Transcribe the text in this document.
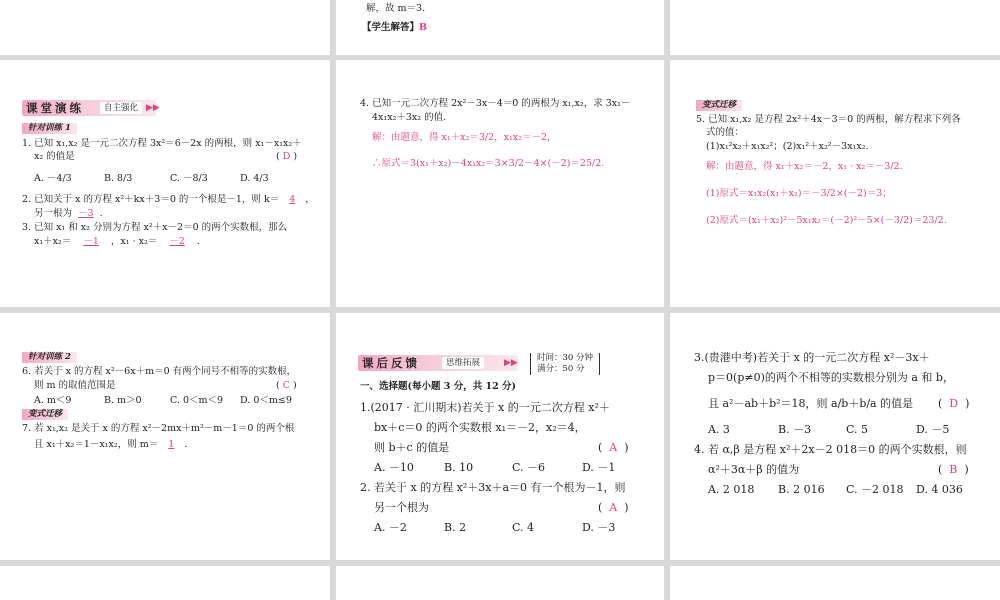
解，故 m＝3.
【学生解答】B
课堂演练	自主强化 ▶▶
针对训练 1
1. 已知 x₁,x₂ 是一元二次方程 3x²＝6－2x 的两根，则 x₁－x₁x₂＋
x₂ 的值是	( D )
A. －4/3	B. 8/3	C. －8/3	D. 4/3
2. 已知关于 x 的方程 x²＋kx＋3＝0 的一个根是－1，则 k＝ 4 ，
另一根为 －3 .
3. 已知 x₁ 和 x₂ 分别为方程 x²＋x－2＝0 的两个实数根，那么
x₁＋x₂＝ －1 ，x₁ · x₂＝ －2 .
4. 已知一元二次方程 2x²－3x－4＝0 的两根为 x₁,x₂，求 3x₁－
4x₁x₂＋3x₂ 的值.
解：由题意，得 x₁＋x₂＝3/2，x₁x₂＝－2，
∴原式＝3(x₁＋x₂)－4x₁x₂＝3×3/2－4×(－2)＝25/2.
变式迁移
5. 已知 x₁,x₂ 是方程 2x²＋4x－3＝0 的两根，解方程求下列各
式的值：
(1)x₁²x₂＋x₁x₂²；(2)x₁²＋x₂²－3x₁x₂.
解：由题意，得 x₁＋x₂＝－2，x₁ · x₂＝－3/2.
(1)原式＝x₁x₂(x₁＋x₂)＝－3/2×(－2)＝3；
(2)原式＝(x₁＋x₂)²－5x₁x₂＝(－2)²－5×(－3/2)＝23/2.
针对训练 2
6. 若关于 x 的方程 x²－6x＋m＝0 有两个同号不相等的实数根，
则 m 的取值范围是	( C )
A. m＜9	B. m＞0	C. 0＜m＜9 D. 0＜m≤9
变式迁移
7. 若 x₁,x₂ 是关于 x 的方程 x²－2mx＋m²－m－1＝0 的两个根
且 x₁＋x₂＝1－x₁x₂，则 m＝ 1 .
课后反馈	思维拓展	▶▶ 时间：30 分钟
满分：50 分
一、选择题(每小题 3 分，共 12 分)
1.(2017 · 汇川期末)若关于 x 的一元二次方程 x²＋
bx＋c＝0 的两个实数根 x₁＝－2，x₂＝4，
则 b＋c 的值是	(  A  )
A. －10	B. 10	C. －6	D. －1
2. 若关于 x 的方程 x²＋3x＋a＝0 有一个根为－1，则
另一个根为	(  A  )
A. －2	B. 2	C. 4	D. －3
3.(贵港中考)若关于 x 的一元二次方程 x²－3x＋
p＝0(p≠0)的两个不相等的实数根分别为 a 和 b，
且 a²－ab＋b²＝18，则 a/b＋b/a 的值是 (  D  )
A. 3	B. －3	C. 5	D. －5
4. 若 α,β 是方程 x²＋2x－2 018＝0 的两个实数根，则
α²＋3α＋β 的值为	(  B  )
A. 2 018 B. 2 016 C. －2 018 D. 4 036
